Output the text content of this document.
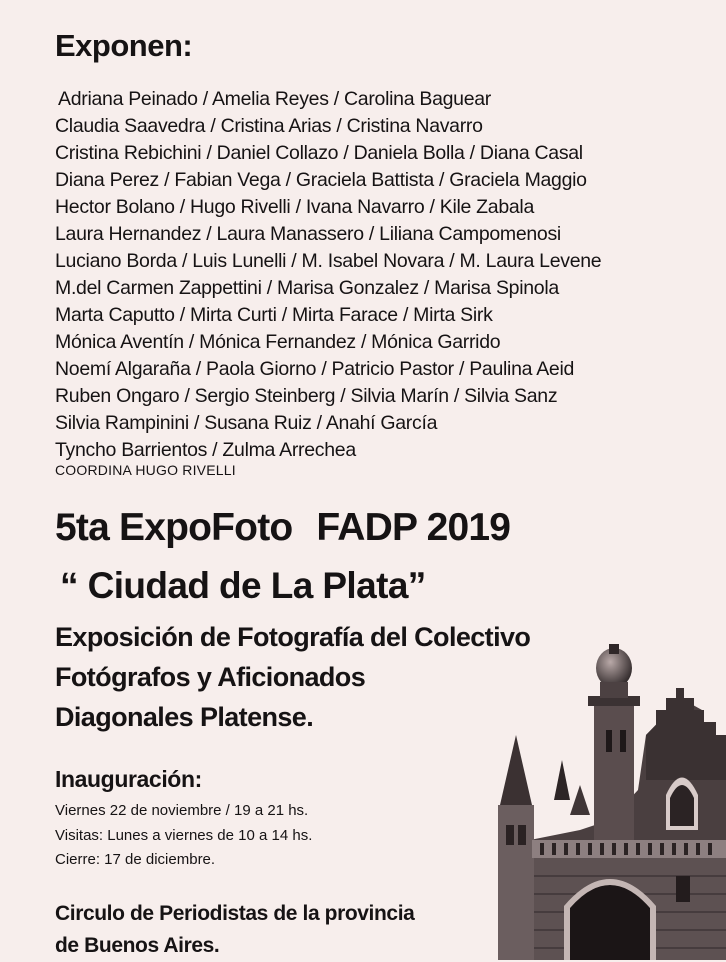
Exponen:
Adriana Peinado / Amelia Reyes / Carolina Baguear
Claudia Saavedra / Cristina Arias / Cristina Navarro
Cristina Rebichini / Daniel Collazo / Daniela Bolla / Diana Casal
Diana Perez / Fabian Vega / Graciela Battista / Graciela Maggio
Hector Bolano / Hugo Rivelli / Ivana Navarro / Kile Zabala
Laura Hernandez / Laura Manassero / Liliana Campomenosi
Luciano Borda / Luis Lunelli / M. Isabel Novara / M. Laura Levene
M.del Carmen Zappettini / Marisa Gonzalez / Marisa Spinola
Marta Caputto / Mirta Curti / Mirta Farace / Mirta Sirk
Mónica Aventín / Mónica Fernandez / Mónica Garrido
Noemí Algaraña / Paola Giorno / Patricio Pastor / Paulina Aeid
Ruben Ongaro / Sergio Steinberg / Silvia Marín / Silvia Sanz
Silvia Rampinini / Susana Ruiz / Anahí García
Tyncho Barrientos / Zulma Arrechea
COORDINA HUGO RIVELLI
5ta ExpoFoto FADP 2019
“ Ciudad de La Plata”
Exposición de Fotografía del Colectivo
Fotógrafos y Aficionados
Diagonales Platense.
Inauguración:
Viernes 22 de noviembre / 19 a 21 hs.
Visitas: Lunes a viernes de 10 a 14 hs.
Cierre: 17 de diciembre.
Circulo de Periodistas de la provincia
de Buenos Aires.
